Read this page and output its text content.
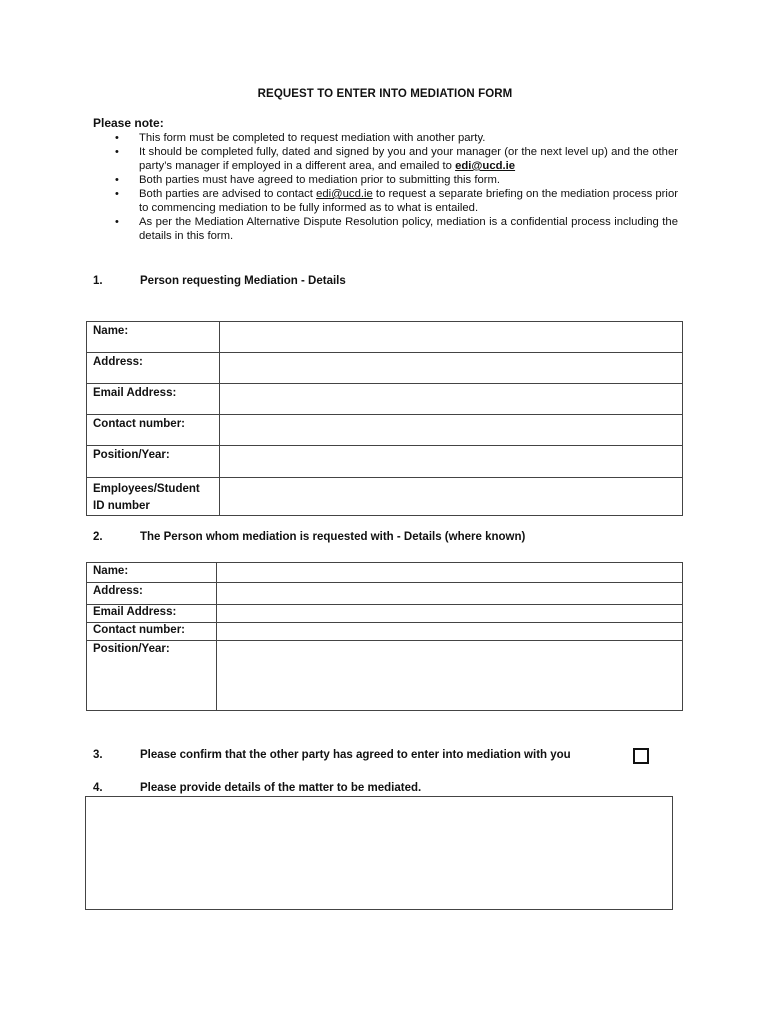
REQUEST TO ENTER INTO MEDIATION FORM
Please note:
• This form must be completed to request mediation with another party.
• It should be completed fully, dated and signed by you and your manager (or the next level up) and the other party’s manager if employed in a different area, and emailed to edi@ucd.ie
• Both parties must have agreed to mediation prior to submitting this form.
• Both parties are advised to contact edi@ucd.ie to request a separate briefing on the mediation process prior to commencing mediation to be fully informed as to what is entailed.
• As per the Mediation Alternative Dispute Resolution policy, mediation is a confidential process including the details in this form.
1.	Person requesting Mediation - Details
Name:	
Address:	
Email Address:	
Contact number:	
Position/Year:	
Employees/Student ID number	
2.	The Person whom mediation is requested with - Details (where known)
Name:	
Address:	
Email Address:	
Contact number:	
Position/Year:	
3.	Please confirm that the other party has agreed to enter into mediation with you
4.	Please provide details of the matter to be mediated.
